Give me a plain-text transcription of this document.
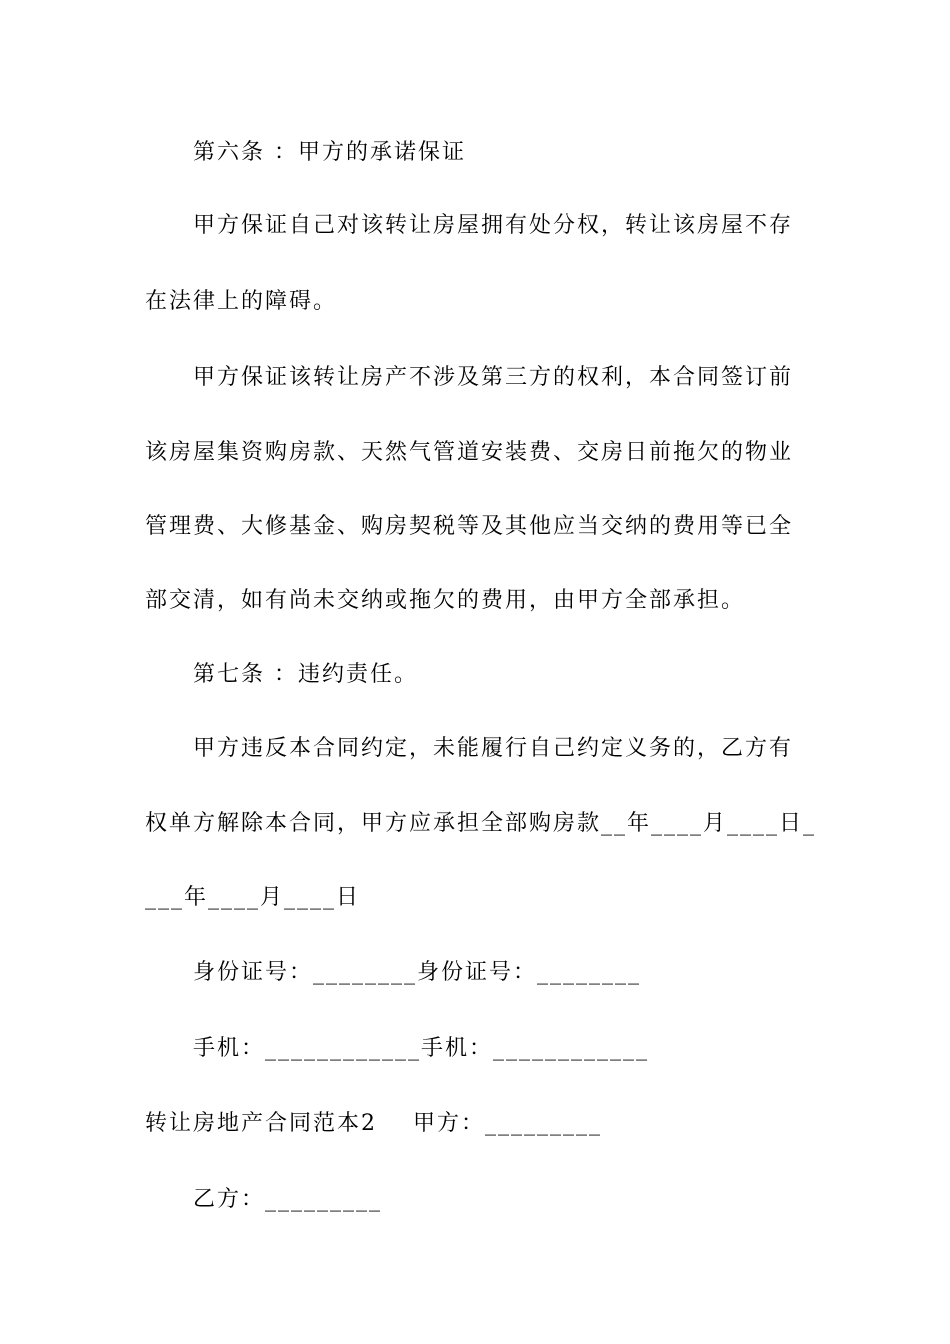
第六条 ：甲方的承诺保证
甲方保证自己对该转让房屋拥有处分权，转让该房屋不存
在法律上的障碍。
甲方保证该转让房产不涉及第三方的权利，本合同签订前
该房屋集资购房款、天然气管道安装费、交房日前拖欠的物业
管理费、大修基金、购房契税等及其他应当交纳的费用等已全
部交清，如有尚未交纳或拖欠的费用，由甲方全部承担。
第七条 ：违约责任。
甲方违反本合同约定，未能履行自己约定义务的，乙方有
权单方解除本合同，甲方应承担全部购房款__年____月____日_
___年____月____日
身份证号：________身份证号：________
手机：____________手机：____________
转让房地产合同范本2    甲方：_________
乙方：_________
